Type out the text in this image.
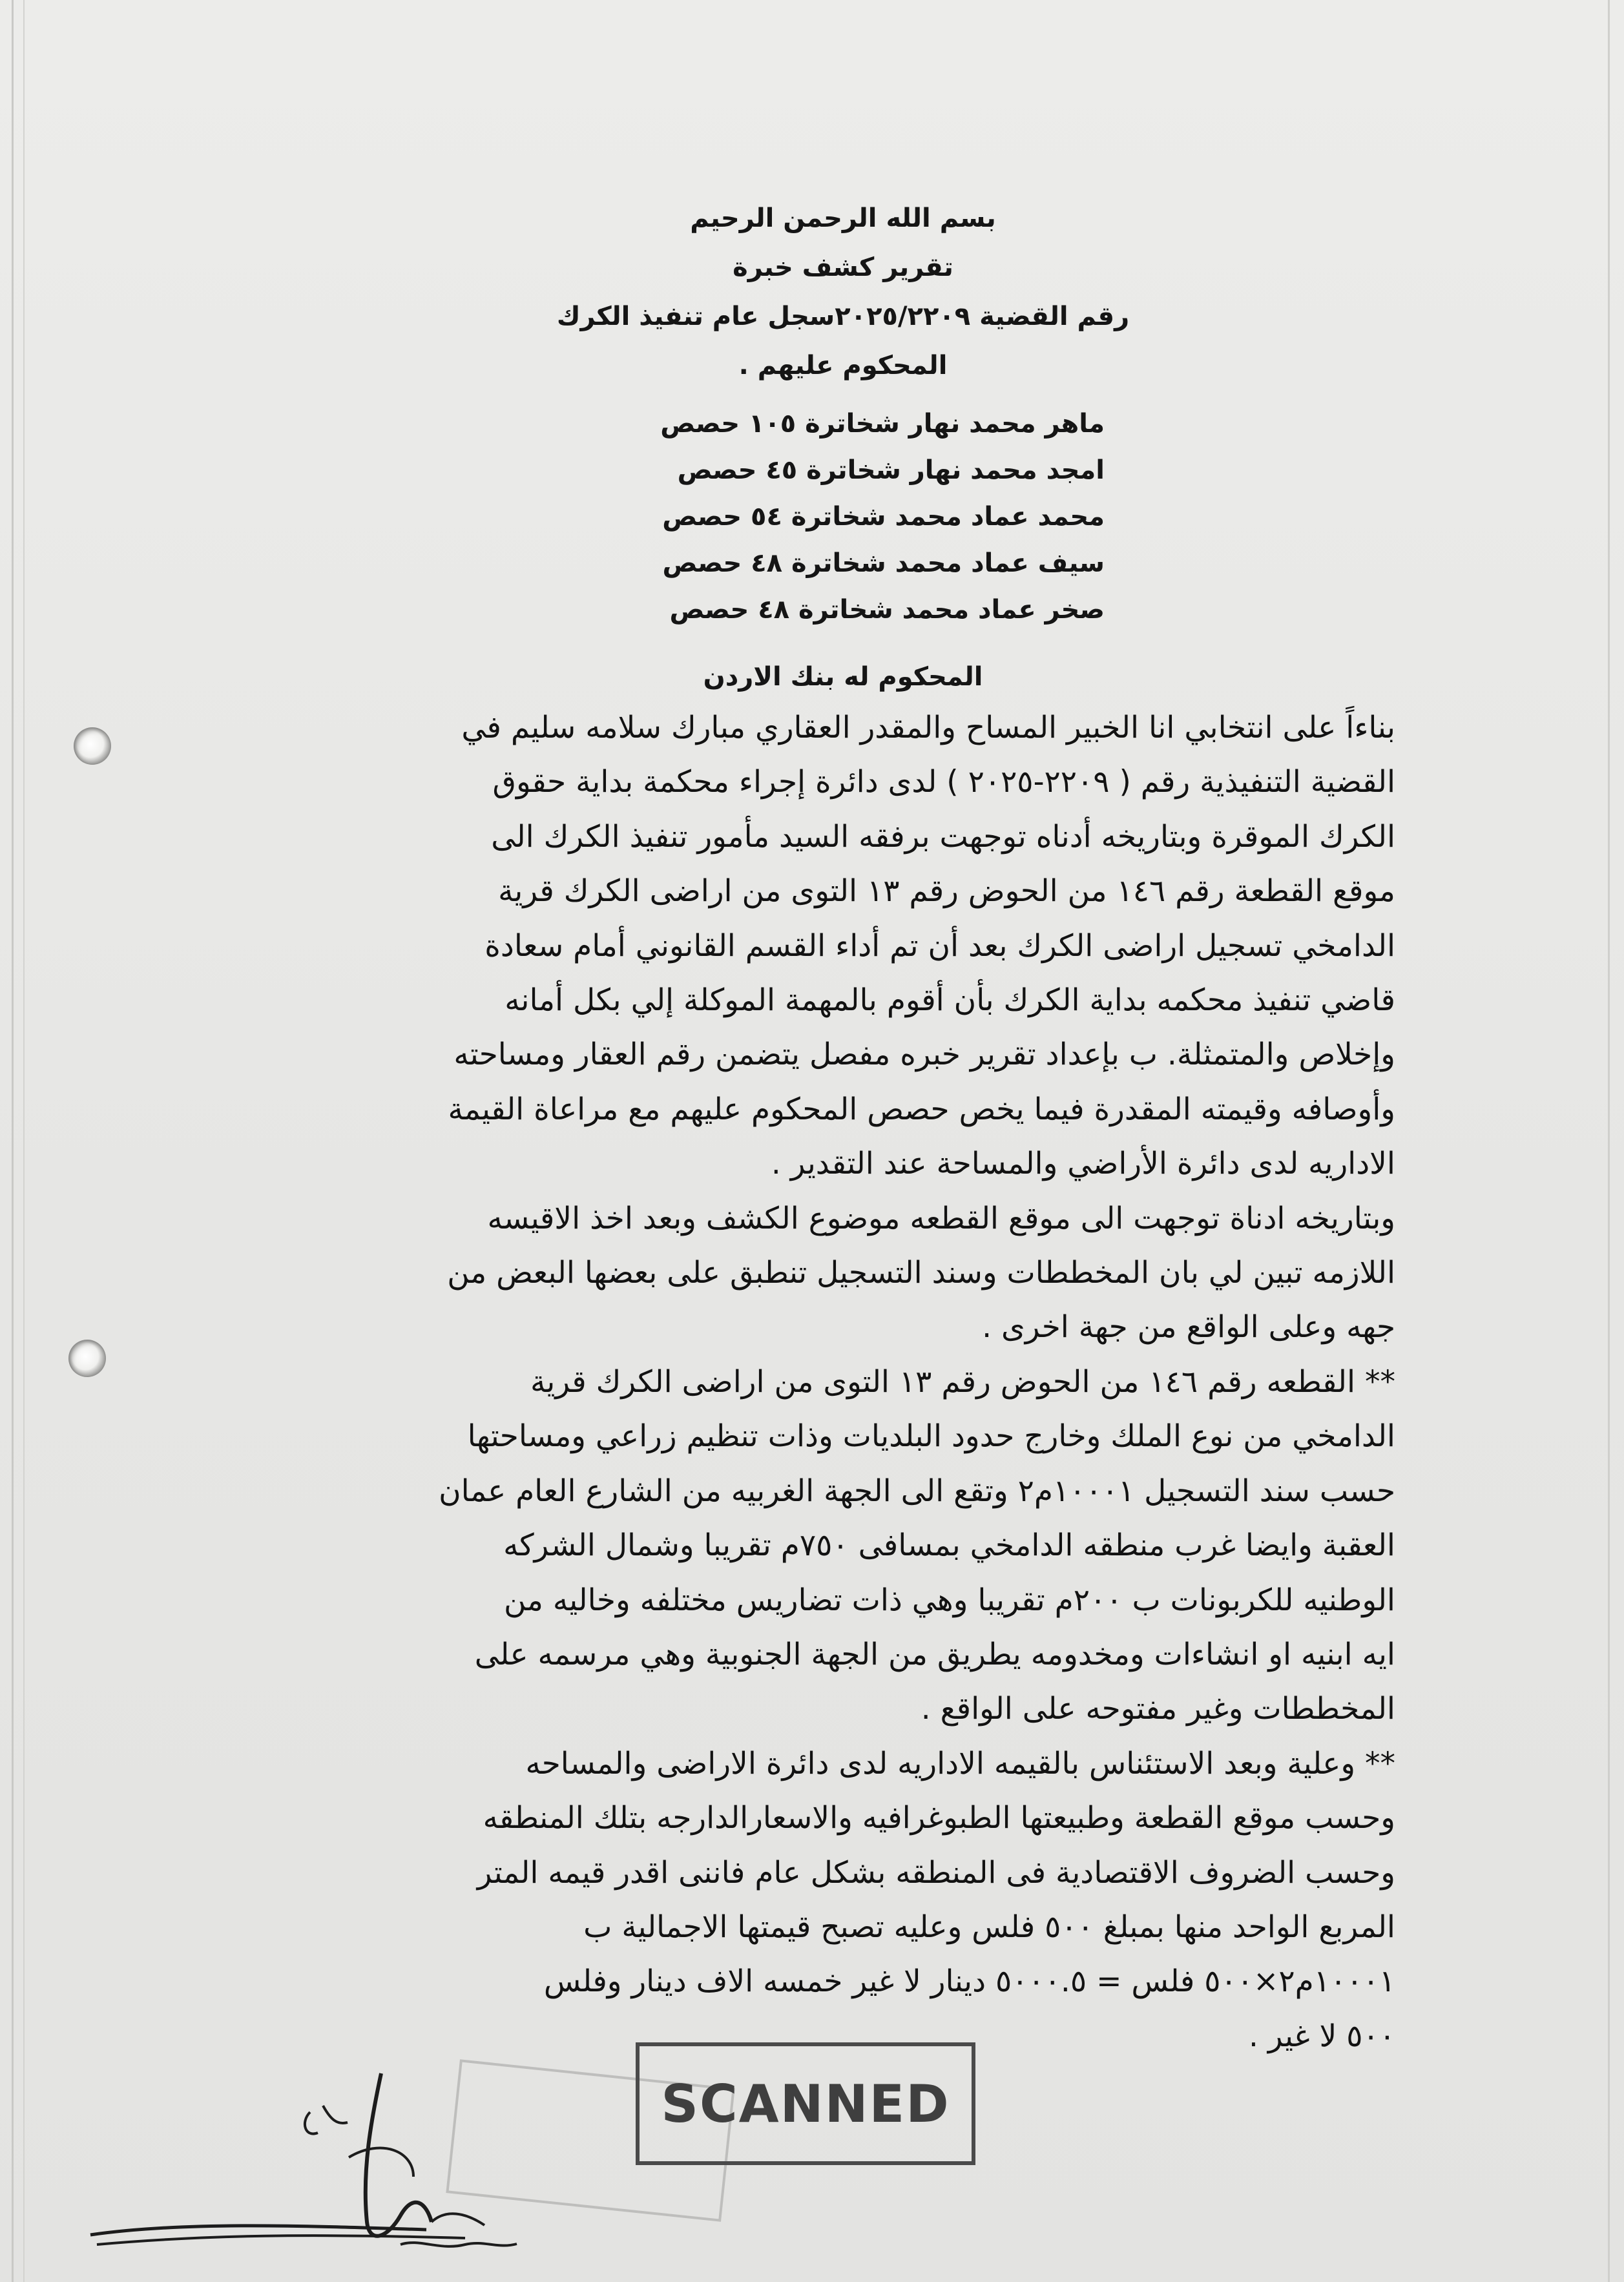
بسم الله الرحمن الرحيم
تقرير كشف خبرة
رقم القضية ٢٠٢٥/٢٢٠٩سجل عام تنفيذ الكرك
المحكوم عليهم .
ماهر محمد نهار شخاترة ١٠٥ حصص
امجد محمد نهار شخاترة ٤٥ حصص
محمد عماد محمد شخاترة ٥٤ حصص
سيف عماد محمد شخاترة ٤٨ حصص
صخر عماد محمد شخاترة ٤٨ حصص
المحكوم له بنك الاردن
بناءاً على انتخابي انا الخبير المساح والمقدر العقاري مبارك سلامه سليم في
القضية التنفيذية رقم ( ٢٢٠٩-٢٠٢٥ ) لدى دائرة إجراء محكمة بداية حقوق
الكرك الموقرة وبتاريخه أدناه توجهت برفقه السيد مأمور تنفيذ الكرك الى
موقع القطعة رقم ١٤٦ من الحوض رقم ١٣ التوى من اراضى الكرك قرية
الدامخي تسجيل اراضى الكرك بعد أن تم أداء القسم القانوني أمام سعادة
قاضي تنفيذ محكمه بداية الكرك بأن أقوم بالمهمة الموكلة إلي بكل أمانه
وإخلاص والمتمثلة. ب بإعداد تقرير خبره مفصل يتضمن رقم العقار ومساحته
وأوصافه وقيمته المقدرة فيما يخص حصص المحكوم عليهم مع مراعاة القيمة
الاداريه لدى دائرة الأراضي والمساحة عند التقدير .
وبتاريخه ادناة توجهت الى موقع القطعه موضوع الكشف وبعد اخذ الاقيسه
اللازمه تبين لي بان المخططات وسند التسجيل تنطبق على بعضها البعض من
جهه وعلى الواقع من جهة اخرى .
** القطعه رقم ١٤٦ من الحوض رقم ١٣ التوى من اراضى الكرك قرية
الدامخي من نوع الملك وخارج حدود البلديات وذات تنظيم زراعي ومساحتها
حسب سند التسجيل ١٠٠٠١م٢ وتقع الى الجهة الغربيه من الشارع العام عمان
العقبة وايضا غرب منطقه الدامخي بمسافى ٧٥٠م تقريبا وشمال الشركه
الوطنيه للكربونات ب ٢٠٠م تقريبا وهي ذات تضاريس مختلفه وخاليه من
ايه ابنيه او انشاءات ومخدومه يطريق من الجهة الجنوبية وهي مرسمه على
المخططات وغير مفتوحه على الواقع .
** وعلية وبعد الاستئناس بالقيمه الاداريه لدى دائرة الاراضى والمساحه
وحسب موقع القطعة وطبيعتها الطبوغرافيه والاسعارالدارجه بتلك المنطقه
وحسب الضروف الاقتصادية فى المنطقه بشكل عام فاننى اقدر قيمه المتر
المربع الواحد منها بمبلغ ٥٠٠ فلس وعليه تصبح قيمتها الاجمالية ب
١٠٠٠١م٢×٥٠٠ فلس = ٥٠٠٠.٥ دينار لا غير خمسه الاف دينار وفلس
٥٠٠ لا غير .
SCANNED
